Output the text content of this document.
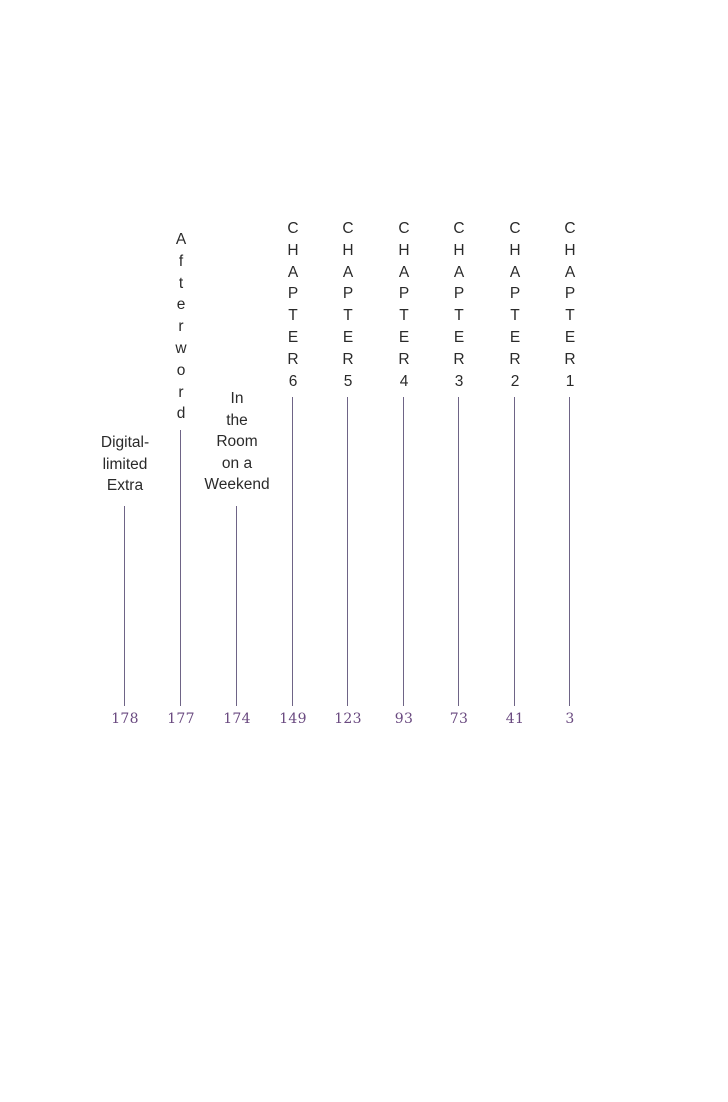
Digital-
limited
Extra
178
A
f
t
e
r
w
o
r
d
177
In
the
Room
on a
Weekend
174
C
H
A
P
T
E
R
6
149
C
H
A
P
T
E
R
5
123
C
H
A
P
T
E
R
4
93
C
H
A
P
T
E
R
3
73
C
H
A
P
T
E
R
2
41
C
H
A
P
T
E
R
1
3
